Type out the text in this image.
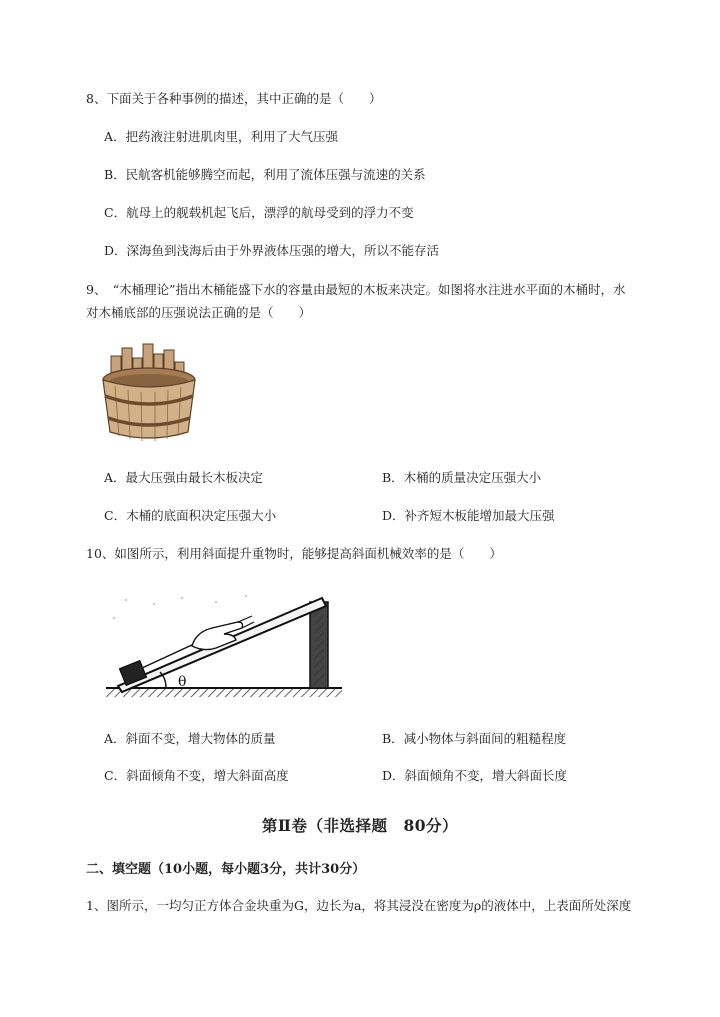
8、下面关于各种事例的描述，其中正确的是（　　）
A．把药液注射进肌肉里，利用了大气压强
B．民航客机能够腾空而起，利用了流体压强与流速的关系
C．航母上的舰载机起飞后，漂浮的航母受到的浮力不变
D．深海鱼到浅海后由于外界液体压强的增大，所以不能存活
9、　“木桶理论”指出木桶能盛下水的容量由最短的木板来决定。如图将水注进水平面的木桶时，水
对木桶底部的压强说法正确的是（　　）
A．最大压强由最长木板决定	B．木桶的质量决定压强大小
C．木桶的底面积决定压强大小	D．补齐短木板能增加最大压强
10、如图所示，利用斜面提升重物时，能够提高斜面机械效率的是（　　）
θ
A．斜面不变，增大物体的质量	B．减小物体与斜面间的粗糙程度
C．斜面倾角不变，增大斜面高度	D．斜面倾角不变，增大斜面长度
第Ⅱ卷（非选择题　80分）
二、填空题（10小题，每小题3分，共计30分）
1、图所示，一均匀正方体合金块重为G，边长为a，将其浸没在密度为ρ的液体中，上表面所处深度
